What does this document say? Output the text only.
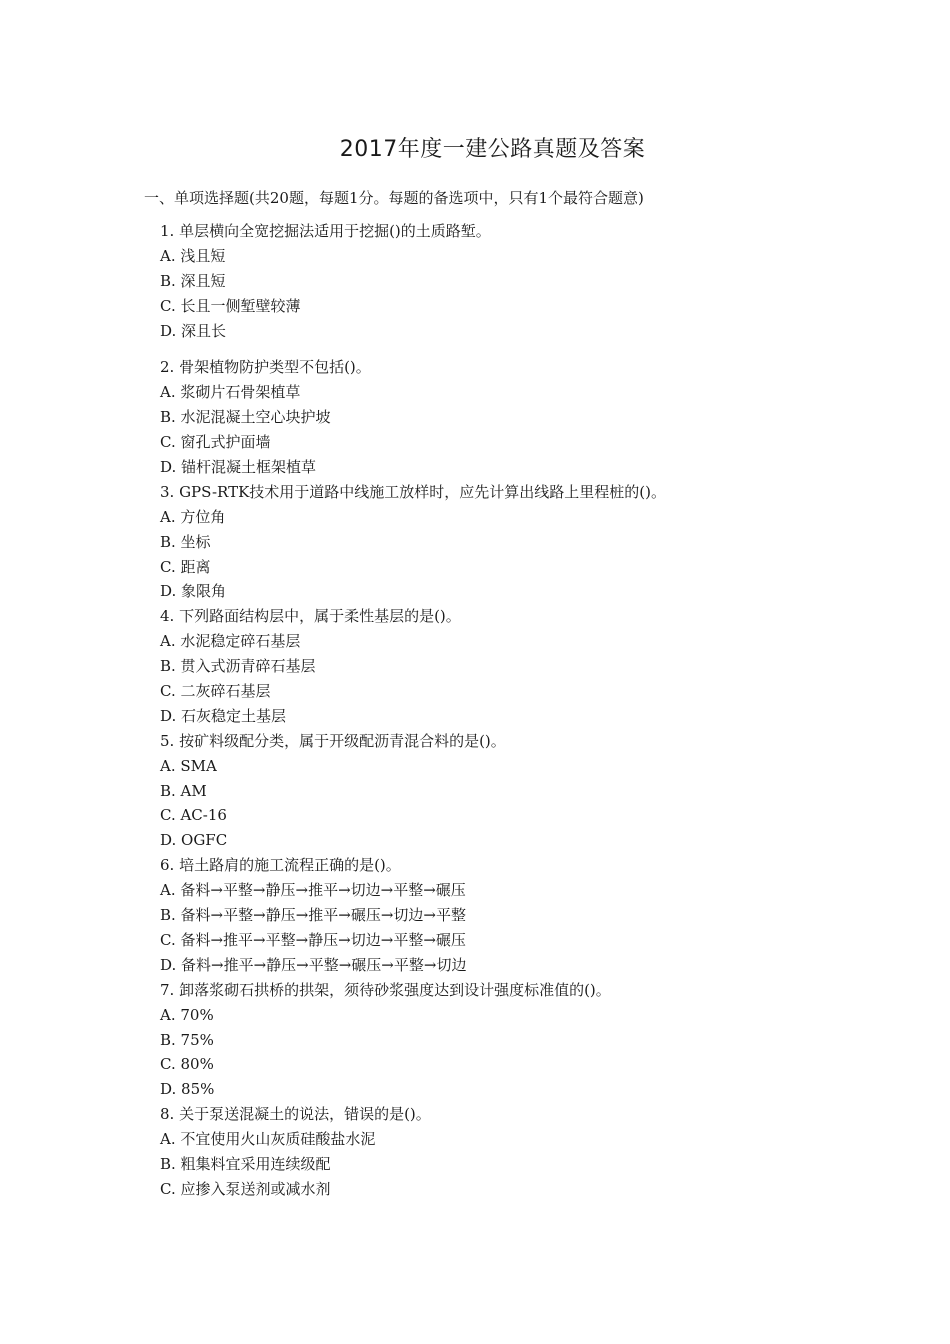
2017年度一建公路真题及答案
一、单项选择题(共20题，每题1分。每题的备选项中，只有1个最符合题意)
1. 单层横向全宽挖掘法适用于挖掘()的土质路堑。
A. 浅且短
B. 深且短
C. 长且一侧堑壁较薄
D. 深且长
2. 骨架植物防护类型不包括()。
A. 浆砌片石骨架植草
B. 水泥混凝土空心块护坡
C. 窗孔式护面墙
D. 锚杆混凝土框架植草
3. GPS-RTK技术用于道路中线施工放样时，应先计算出线路上里程桩的()。
A. 方位角
B. 坐标
C. 距离
D. 象限角
4. 下列路面结构层中，属于柔性基层的是()。
A. 水泥稳定碎石基层
B. 贯入式沥青碎石基层
C. 二灰碎石基层
D. 石灰稳定土基层
5. 按矿料级配分类，属于开级配沥青混合料的是()。
A. SMA
B. AM
C. AC-16
D. OGFC
6. 培土路肩的施工流程正确的是()。
A. 备料→平整→静压→推平→切边→平整→碾压
B. 备料→平整→静压→推平→碾压→切边→平整
C. 备料→推平→平整→静压→切边→平整→碾压
D. 备料→推平→静压→平整→碾压→平整→切边
7. 卸落浆砌石拱桥的拱架，须待砂浆强度达到设计强度标准值的()。
A. 70%
B. 75%
C. 80%
D. 85%
8. 关于泵送混凝土的说法，错误的是()。
A. 不宜使用火山灰质硅酸盐水泥
B. 粗集料宜采用连续级配
C. 应掺入泵送剂或减水剂
